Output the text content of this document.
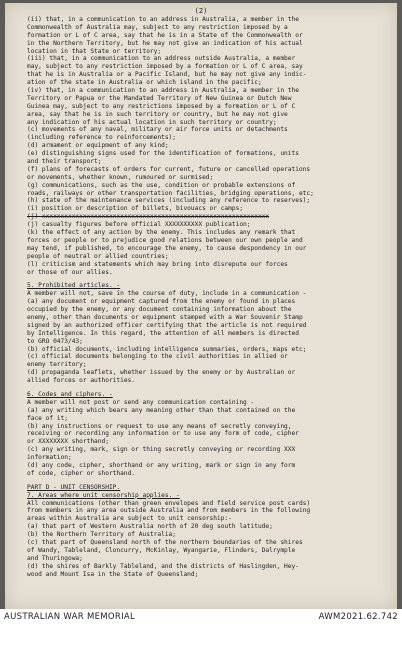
(2)
(ii) that, in a communication to an address in Australia, a member in the
Commonwealth of Australia may, subject to any restriction imposed by a
formation or L of C area, say that he is in a State of the Commonwealth or
in the Northern Territory, but he may not give an indication of his actual
location in that State or territory;
(iii) that, in a communication to an address outside Australia, a member
may, subject to any restriction imposed by a formation or L of C area, say
that he is in Australia or a Pacific Island, but he may not give any indic-
ation of the state in Australia or which island in the pacific;
(iv) that, in a communication to an address in Australia, a member in the
Territory or Papua or the Mandated Territory of New Guinea or Dutch New
Guinea may, subject to any restrictions imposed by a formation or L of C
area, say that he is in such territory or country, but he may not give
any indication of his actual location in such territory or country;
(c) movements of any naval, military or air force units or detachments
(including reference to reinforcements);
(d) armament or equipment of any kind;
(e) distinguishing signs used for the identification of formations, units
and their transport;
(f) plans of forecasts of orders for current, future or cancelled operations
or movements, whether known, rumoured or surmised;
(g) communications, such as the use, condition or probable extensions of
roads, railways or other transportation facilities, bridging operations, etc;
(h) state of the maintenance services (including any reference to reserves);
(i) position or description of billets, bivouacs or camps;
(j) xxxxxxxxxxxxxxxxxxxxxxxxxxxxxxxxxxxxxxxxxxxxxxxxxxxxxxxxxxxxx
(j) casualty figures before official XXXXXXXXXX publication;
(k) the effect of any action by the enemy. This includes any remark that
forces or people or to prejudice good relations between our own people and
may tend, if published, to encourage the enemy, to cause despondency in our
people of neutral or allied countries;
(l) criticism and statements which may bring into disrepute our forces
or those of our allies.
5. Prohibited articles. -
A member will not, save in the course of duty, include in a communication -
(a) any document or equipment captured from the enemy or found in places
occupied by the enemy, or any document containing information about the
enemy, other than documents or equipment stamped with a War Souvenir Stamp
signed by an authorized officer certifying that the article is not required
by Intelligence. In this regard, the attention of all members is directed
to GRO 0473/43;
(b) official documents, including intelligence summaries, orders, maps etc;
(c) official documents belonging to the civil authorities in allied or
enemy territory;
(d) propaganda leaflets, whether issued by the enemy or by Australian or
allied forces or authorities.
6. Codes and ciphers. -
A member will not post or send any communication containing -
(a) any writing which bears any meaning other than that contained on the
face of it;
(b) any instructions or request to use any means of secretly conveying,
receiving or recording any information or to use any form of code, cipher
or XXXXXXXX shorthand;
(c) any writing, mark, sign or thing secretly conveying or recording XXX
information;
(d) any code, cipher, shorthand or any writing, mark or sign in any form
of code, cipher or shorthand.
PART D - UNIT CENSORSHIP.
7. Areas where unit censorship applies. -
All communications (other than green envelopes and field service post cards)
from members in any area outside Australia and from members in the following
areas within Australia are subject to unit censorship:-
(a) that part of Western Australia north of 20 deg south latitude;
(b) the Northern Territory of Australia;
(c) that part of Queensland north of the northern boundaries of the shires
of Wandy, Tableland, Cloncurry, McKinlay, Wyangarie, Flinders, Dalrymple
and Thuringowa;
(d) the shires of Barkly Tableland, and the districts of Haslingden, Hey-
wood and Mount Isa in the State of Queensland;
AUSTRALIAN WAR MEMORIAL	AWM2021.62.742
